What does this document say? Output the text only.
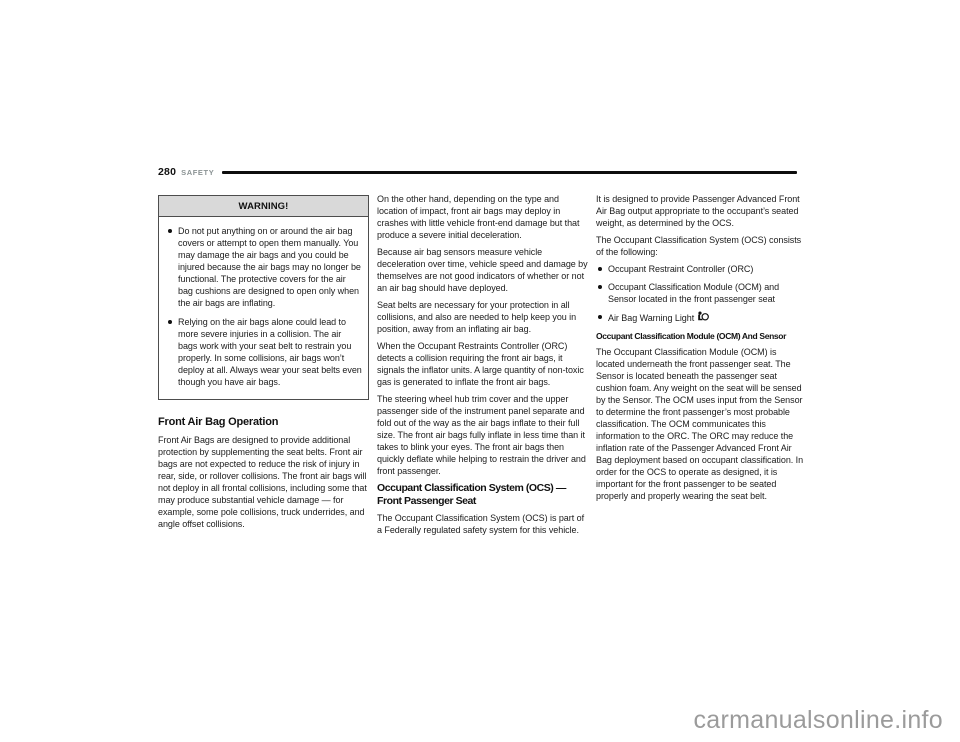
280 SAFETY
WARNING!
Do not put anything on or around the air bag covers or attempt to open them manually. You may damage the air bags and you could be injured because the air bags may no longer be functional. The protective covers for the air bag cushions are designed to open only when the air bags are inflating.
Relying on the air bags alone could lead to more severe injuries in a collision. The air bags work with your seat belt to restrain you properly. In some collisions, air bags won’t deploy at all. Always wear your seat belts even though you have air bags.
Front Air Bag Operation

Front Air Bags are designed to provide additional protection by supplementing the seat belts. Front air bags are not expected to reduce the risk of injury in rear, side, or rollover collisions. The front air bags will not deploy in all frontal collisions, including some that may produce substantial vehicle damage — for example, some pole collisions, truck underrides, and angle offset collisions.

On the other hand, depending on the type and location of impact, front air bags may deploy in crashes with little vehicle front-end damage but that produce a severe initial deceleration.

Because air bag sensors measure vehicle deceleration over time, vehicle speed and damage by themselves are not good indicators of whether or not an air bag should have deployed.

Seat belts are necessary for your protection in all collisions, and also are needed to help keep you in position, away from an inflating air bag.

When the Occupant Restraints Controller (ORC) detects a collision requiring the front air bags, it signals the inflator units. A large quantity of non-toxic gas is generated to inflate the front air bags.

The steering wheel hub trim cover and the upper passenger side of the instrument panel separate and fold out of the way as the air bags inflate to their full size. The front air bags fully inflate in less time than it takes to blink your eyes. The front air bags then quickly deflate while helping to restrain the driver and front passenger.

Occupant Classification System (OCS) — Front Passenger Seat

The Occupant Classification System (OCS) is part of a Federally regulated safety system for this vehicle.

It is designed to provide Passenger Advanced Front Air Bag output appropriate to the occupant’s seated weight, as determined by the OCS.

The Occupant Classification System (OCS) consists of the following:

Occupant Restraint Controller (ORC)
Occupant Classification Module (OCM) and Sensor located in the front passenger seat
Air Bag Warning Light
Occupant Classification Module (OCM) And Sensor

The Occupant Classification Module (OCM) is located underneath the front passenger seat. The Sensor is located beneath the passenger seat cushion foam. Any weight on the seat will be sensed by the Sensor. The OCM uses input from the Sensor to determine the front passenger’s most probable classification. The OCM communicates this information to the ORC. The ORC may reduce the inflation rate of the Passenger Advanced Front Air Bag deployment based on occupant classification. In order for the OCS to operate as designed, it is important for the front passenger to be seated properly and properly wearing the seat belt.

carmanualsonline.info
